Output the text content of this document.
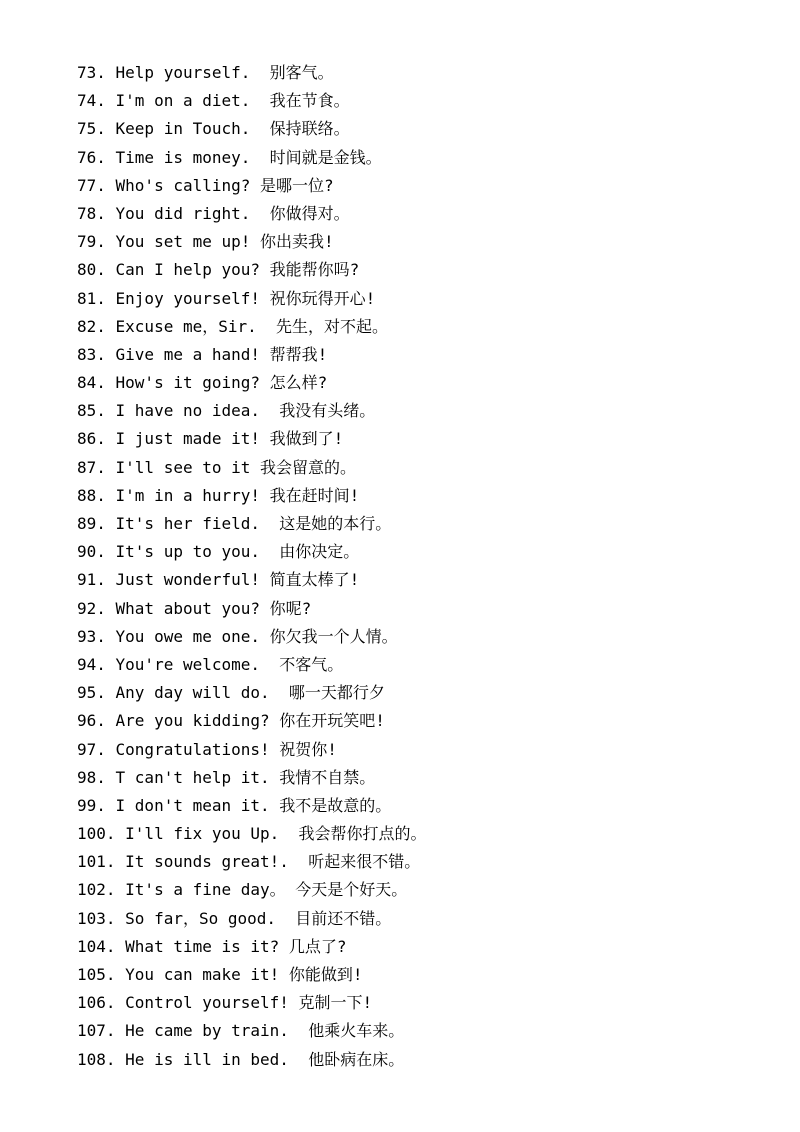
73. Help yourself.  别客气。
74. I'm on a diet.  我在节食。
75. Keep in Touch.  保持联络。
76. Time is money.  时间就是金钱。
77. Who's calling? 是哪一位?
78. You did right.  你做得对。
79. You set me up! 你出卖我!
80. Can I help you? 我能帮你吗?
81. Enjoy yourself! 祝你玩得开心!
82. Excuse me，Sir.  先生，对不起。
83. Give me a hand! 帮帮我!
84. How's it going? 怎么样?
85. I have no idea.  我没有头绪。
86. I just made it! 我做到了!
87. I'll see to it 我会留意的。
88. I'm in a hurry! 我在赶时间!
89. It's her field.  这是她的本行。
90. It's up to you.  由你决定。
91. Just wonderful! 简直太棒了!
92. What about you? 你呢?
93. You owe me one. 你欠我一个人情。
94. You're welcome.  不客气。
95. Any day will do.  哪一天都行夕
96. Are you kidding? 你在开玩笑吧!
97. Congratulations! 祝贺你!
98. T can't help it. 我情不自禁。
99. I don't mean it. 我不是故意的。
100. I'll fix you Up.  我会帮你打点的。
101. It sounds great!.  听起来很不错。
102. It's a fine day。 今天是个好天。
103. So far，So good.  目前还不错。
104. What time is it? 几点了?
105. You can make it! 你能做到!
106. Control yourself! 克制一下!
107. He came by train.  他乘火车来。
108. He is ill in bed.  他卧病在床。
